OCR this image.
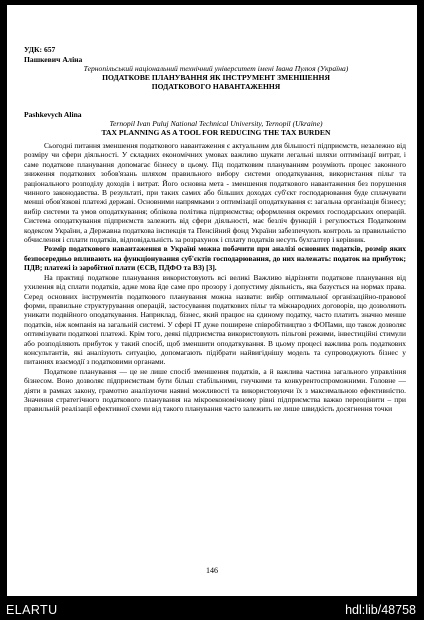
УДК: 657
Пашкевич Аліна
Тернопільський національний технічний університет імені Івана Пулюя (Україна)
ПОДАТКОВЕ ПЛАНУВАННЯ ЯК ІНСТРУМЕНТ ЗМЕНШЕННЯ
ПОДАТКОВОГО НАВАНТАЖЕННЯ
Pashkevych Alina
Ternopil Ivan Puluj National Technical University, Ternopil (Ukraine)
TAX PLANNING AS A TOOL FOR REDUCING THE TAX BURDEN

Сьогодні питання зменшення податкового навантаження є актуальним для більшості підприємств, незалежно від розміру чи сфери діяльності. У складних економічних умовах важливо шукати легальні шляхи оптимізації витрат, і саме податкове планування допомагає бізнесу в цьому. Під податковим плануванням розуміють процес законного зниження податкових зобов'язань шляхом правильного вибору системи оподаткування, використання пільг та раціонального розподілу доходів і витрат. Його основна мета - зменшення податкового навантаження без порушення чинного законодавства. В результаті, при таких самих або більших доходах суб'єкт господарювання буде сплачувати менші обов'язкові платежі державі. Основними напрямками з оптимізації оподаткування є: загальна організація бізнесу; вибір системи та умов оподаткування; облікова політика підприємства; оформлення окремих господарських операцій. Система оподаткування підприємств залежить від сфери діяльності, має безліч функцій і регулюється Податковим кодексом України, а Державна податкова інспекція та Пенсійний фонд України забезпечують контроль за правильністю обчислення і сплати податків, відповідальність за розрахунок і сплату податків несуть бухгалтер і керівник.

Розмір податкового навантаження в Україні можна побачити при аналізі основних податків, розмір яких безпосередньо впливають на функціонування суб'єктів господарювання, до них належать: податок на прибуток; ПДВ; платежі із заробітної плати (ЄСВ, ПДФО та ВЗ) [3].

На практиці податкове планування використовують всі великі Важливо відрізняти податкове планування від ухилення від сплати податків, адже мова йде саме про прозору і допустиму діяльність, яка базується на нормах права. Серед основних інструментів податкового планування можна назвати: вибір оптимальної організаційно-правової форми, правильне структурування операцій, застосування податкових пільг та міжнародних договорів, що дозволяють уникати подвійного оподаткування. Наприклад, бізнес, який працює на єдиному податку, часто платить значно менше податків, ніж компанія на загальній системі. У сфері IT дуже поширене співробітництво з ФОПами, що також дозволяє оптимізувати податкові платежі. Крім того, деякі підприємства використовують пільгові режими, інвестиційні стимули або розподіляють прибуток у такий спосіб, щоб зменшити оподаткування. В цьому процесі важлива роль податкових консультантів, які аналізують ситуацію, допомагають підібрати найвигіднішу модель та супроводжують бізнес у питаннях взаємодії з податковими органами.

Податкове планування — це не лише спосіб зменшення податків, а й важлива частина загального управління бізнесом. Воно дозволяє підприємствам бути більш стабільними, гнучкими та конкурентоспроможними. Головне — діяти в рамках закону, грамотно аналізуючи наявні можливості та використовуючи їх з максимальною ефективністю. Значення стратегічного податкового планування на мікроекономічному рівні підприємства важко переоцінити – при правильній реалізації ефективної схеми від такого планування часто залежить не лише швидкість досягнення точки

146
ELARTU	hdl:lib/48758
